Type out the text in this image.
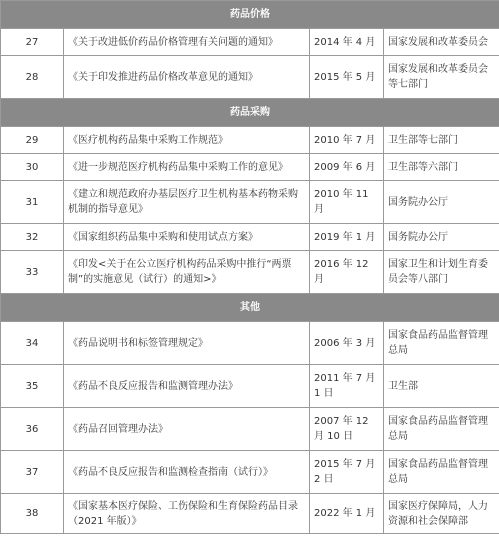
药品价格			
27	《关于改进低价药品价格管理有关问题的通知》	2014 年 4 月	国家发展和改革委员会
28	《关于印发推进药品价格改革意见的通知》	2015 年 5 月	国家发展和改革委员会等七部门
药品采购			
29	《医疗机构药品集中采购工作规范》	2010 年 7 月	卫生部等七部门
30	《进一步规范医疗机构药品集中采购工作的意见》	2009 年 6 月	卫生部等六部门
31	《建立和规范政府办基层医疗卫生机构基本药物采购机制的指导意见》	2010 年 11 月	国务院办公厅
32	《国家组织药品集中采购和使用试点方案》	2019 年 1 月	国务院办公厅
33	《印发<关于在公立医疗机构药品采购中推行“两票制”的实施意见（试行）的通知>》	2016 年 12 月	国家卫生和计划生育委员会等八部门
其他			
34	《药品说明书和标签管理规定》	2006 年 3 月	国家食品药品监督管理总局
35	《药品不良反应报告和监测管理办法》	2011 年 7 月 1 日	卫生部
36	《药品召回管理办法》	2007 年 12 月 10 日	国家食品药品监督管理总局
37	《药品不良反应报告和监测检查指南（试行）》	2015 年 7 月 2 日	国家食品药品监督管理总局
38	《国家基本医疗保险、工伤保险和生育保险药品目录（2021 年版）》	2022 年 1 月	国家医疗保障局，人力资源和社会保障部
